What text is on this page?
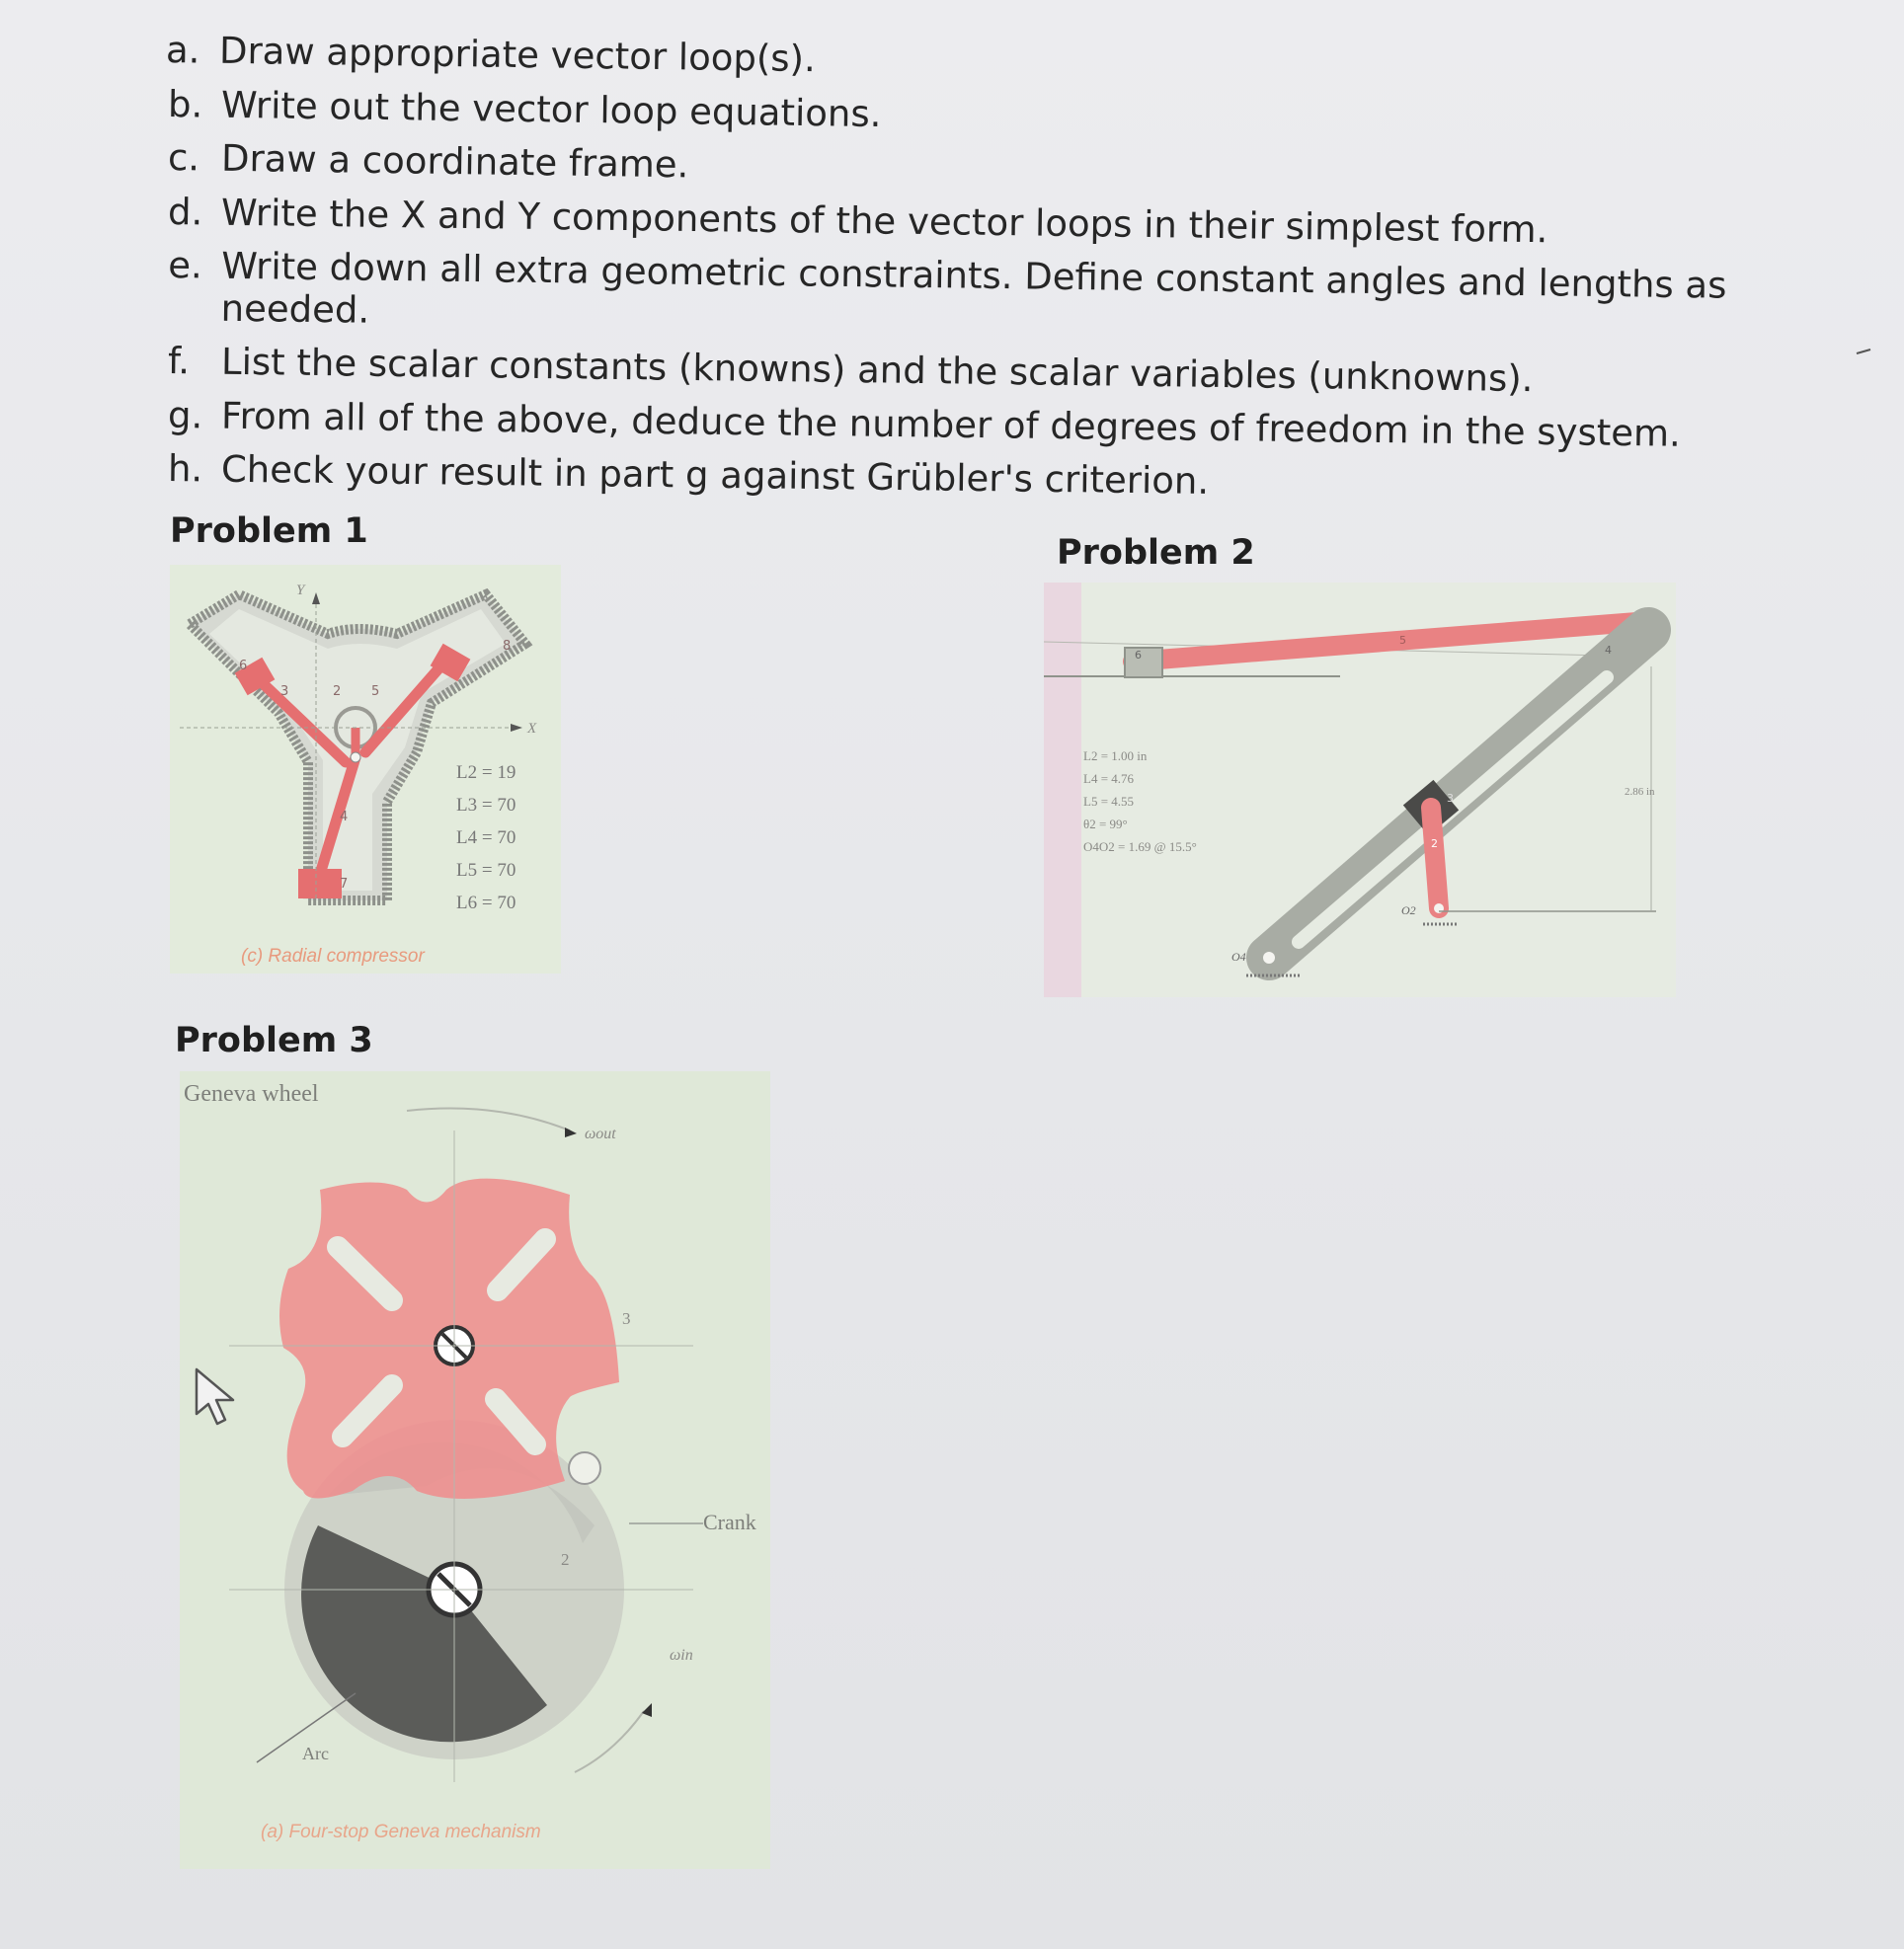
a. Draw appropriate vector loop(s).
b. Write out the vector loop equations.
c. Draw a coordinate frame.
d. Write the X and Y components of the vector loops in their simplest form.
e. Write down all extra geometric constraints. Define constant angles and lengths as needed.
f. List the scalar constants (knowns) and the scalar variables (unknowns).
g. From all of the above, deduce the number of degrees of freedom in the system.
h. Check your result in part g against Grübler's criterion.
Problem 1
Problem 2
Problem 3
Y
X
6
3	2 5
8
4
7
L2 = 19
L3 = 70
L4 = 70
L5 = 70
L6 = 70
(c) Radial compressor
L2 = 1.00 in
L4 = 4.76
L5 = 4.55
θ2 = 99°
O4O2 = 1.69 @ 15.5°
2.86 in
6
5
4
3
2
O4
O2
Geneva wheel
ωout
ωin
Crank
Arc
3
2
(a) Four-stop Geneva mechanism
